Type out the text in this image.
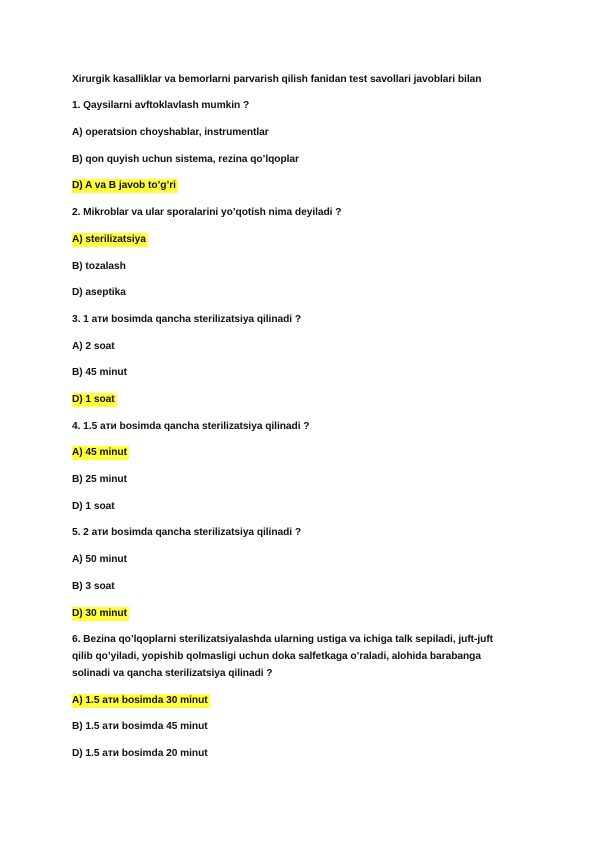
Xirurgik kasalliklar va bemorlarni parvarish qilish fanidan test savollari javoblari bilan
1. Qaysilarni avftoklavlash mumkin ?
A) operatsion choyshablar, instrumentlar
B) qon quyish uchun sistema, rezina qo’lqoplar
D) A va B javob to’g’ri
2. Mikroblar va ular sporalarini yo’qotish nima deyiladi ?
A) sterilizatsiya
B) tozalash
D) aseptika
3. 1 ати bosimda qancha sterilizatsiya qilinadi ?
A) 2 soat
B) 45 minut
D) 1 soat
4. 1.5 ати bosimda qancha sterilizatsiya qilinadi ?
A) 45 minut
B) 25 minut
D) 1 soat
5. 2 ати bosimda qancha sterilizatsiya qilinadi ?
A) 50 minut
B) 3 soat
D) 30 minut
6. Bezina qo’lqoplarni sterilizatsiyalashda ularning ustiga va ichiga talk sepiladi, juft-juft
qilib qo’yiladi, yopishib qolmasligi uchun doka salfetkaga o’raladi, alohida barabanga
solinadi va qancha sterilizatsiya qilinadi ?
A) 1.5 ати bosimda 30 minut
B) 1.5 ати bosimda 45 minut
D) 1.5 ати bosimda 20 minut
